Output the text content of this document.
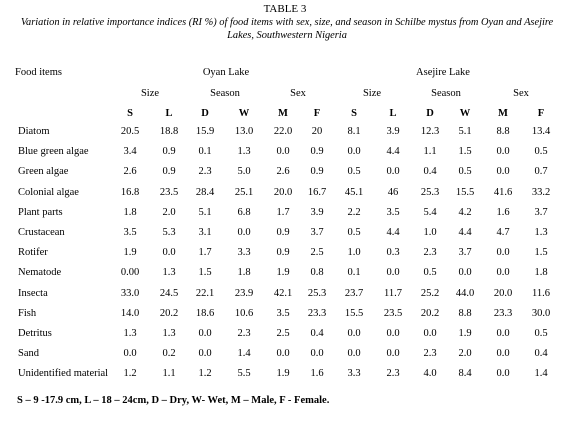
TABLE 3
Variation in relative importance indices (RI %) of food items with sex, size, and season in Schilbe mystus from Oyan and Asejire Lakes, Southwestern Nigeria
Food items	Oyan Lake	Asejire Lake
Size	Season	Sex	Size	Season	Sex
S	L	D	W	M F	S	L	D W	M	F
Diatom	20.5 18.8 15.9 13.0 22.0 20 8.1 3.9 12.3 5.1 8.8 13.4
Blue green algae	3.4 0.9 0.1 1.3 0.0 0.9 0.0 4.4 1.1 1.5 0.0 0.5
Green algae	2.6 0.9 2.3 5.0 2.6 0.9 0.5 0.0 0.4 0.5 0.0 0.7
Colonial algae	16.8 23.5 28.4 25.1 20.0 16.7 45.1 46 25.3 15.5 41.6 33.2
Plant parts	1.8 2.0 5.1 6.8 1.7 3.9 2.2 3.5 5.4 4.2 1.6 3.7
Crustacean	3.5 5.3 3.1 0.0 0.9 3.7 0.5 4.4 1.0 4.4 4.7 1.3
Rotifer	1.9 0.0 1.7 3.3 0.9 2.5 1.0 0.3 2.3 3.7 0.0 1.5
Nematode	0.00 1.3 1.5 1.8 1.9 0.8 0.1 0.0 0.5 0.0 0.0 1.8
Insecta	33.0 24.5 22.1 23.9 42.1 25.3 23.7 11.7 25.2 44.0 20.0 11.6
Fish	14.0 20.2 18.6 10.6 3.5 23.3 15.5 23.5 20.2 8.8 23.3 30.0
Detritus	1.3 1.3 0.0 2.3 2.5 0.4 0.0 0.0 0.0 1.9 0.0 0.5
Sand	0.0 0.2 0.0 1.4 0.0 0.0 0.0 0.0 2.3 2.0 0.0 0.4
Unidentified material 1.2 1.1 1.2 5.5 1.9 1.6 3.3 2.3 4.0 8.4 0.0 1.4
S – 9 -17.9 cm, L – 18 – 24cm, D – Dry, W- Wet, M – Male, F - Female.
